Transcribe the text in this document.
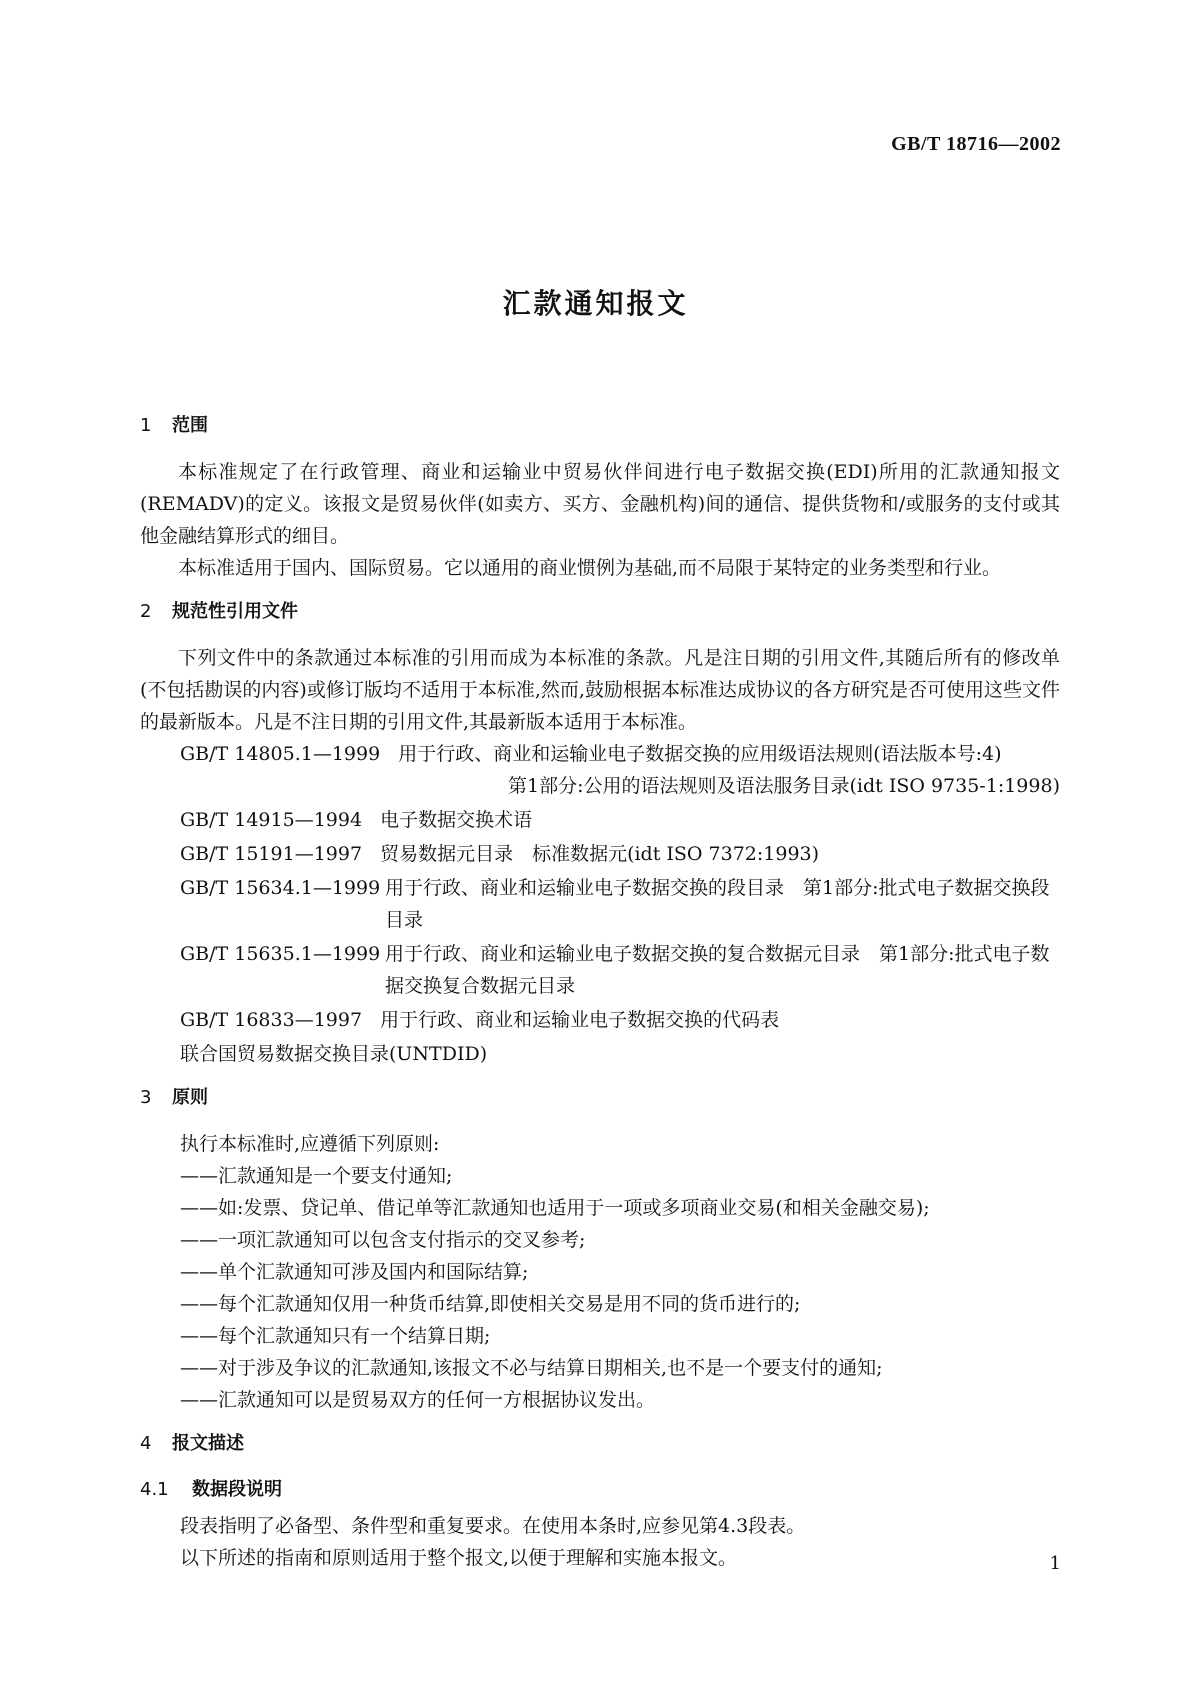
GB/T 18716—2002
汇款通知报文
1 范围

本标准规定了在行政管理、商业和运输业中贸易伙伴间进行电子数据交换(EDI)所用的汇款通知报文(REMADV)的定义。该报文是贸易伙伴(如卖方、买方、金融机构)间的通信、提供货物和/或服务的支付或其他金融结算形式的细目。

本标准适用于国内、国际贸易。它以通用的商业惯例为基础,而不局限于某特定的业务类型和行业。

2 规范性引用文件

下列文件中的条款通过本标准的引用而成为本标准的条款。凡是注日期的引用文件,其随后所有的修改单(不包括勘误的内容)或修订版均不适用于本标准,然而,鼓励根据本标准达成协议的各方研究是否可使用这些文件的最新版本。凡是不注日期的引用文件,其最新版本适用于本标准。

GB/T 14805.1—1999 用于行政、商业和运输业电子数据交换的应用级语法规则(语法版本号:4)

第1部分:公用的语法规则及语法服务目录(idt ISO 9735-1:1998)
GB/T 14915—1994 电子数据交换术语
GB/T 15191—1997 贸易数据元目录　标准数据元(idt ISO 7372:1993)
GB/T 15634.1—1999 用于行政、商业和运输业电子数据交换的段目录　第1部分:批式电子数据交换段目录
GB/T 15635.1—1999 用于行政、商业和运输业电子数据交换的复合数据元目录　第1部分:批式电子数据交换复合数据元目录
GB/T 16833—1997 用于行政、商业和运输业电子数据交换的代码表
联合国贸易数据交换目录(UNTDID)
3 原则
执行本标准时,应遵循下列原则:
——汇款通知是一个要支付通知;
——如:发票、贷记单、借记单等汇款通知也适用于一项或多项商业交易(和相关金融交易);
——一项汇款通知可以包含支付指示的交叉参考;
——单个汇款通知可涉及国内和国际结算;
——每个汇款通知仅用一种货币结算,即使相关交易是用不同的货币进行的;
——每个汇款通知只有一个结算日期;
——对于涉及争议的汇款通知,该报文不必与结算日期相关,也不是一个要支付的通知;
——汇款通知可以是贸易双方的任何一方根据协议发出。
4 报文描述
4.1 数据段说明
段表指明了必备型、条件型和重复要求。在使用本条时,应参见第4.3段表。
以下所述的指南和原则适用于整个报文,以便于理解和实施本报文。	1
